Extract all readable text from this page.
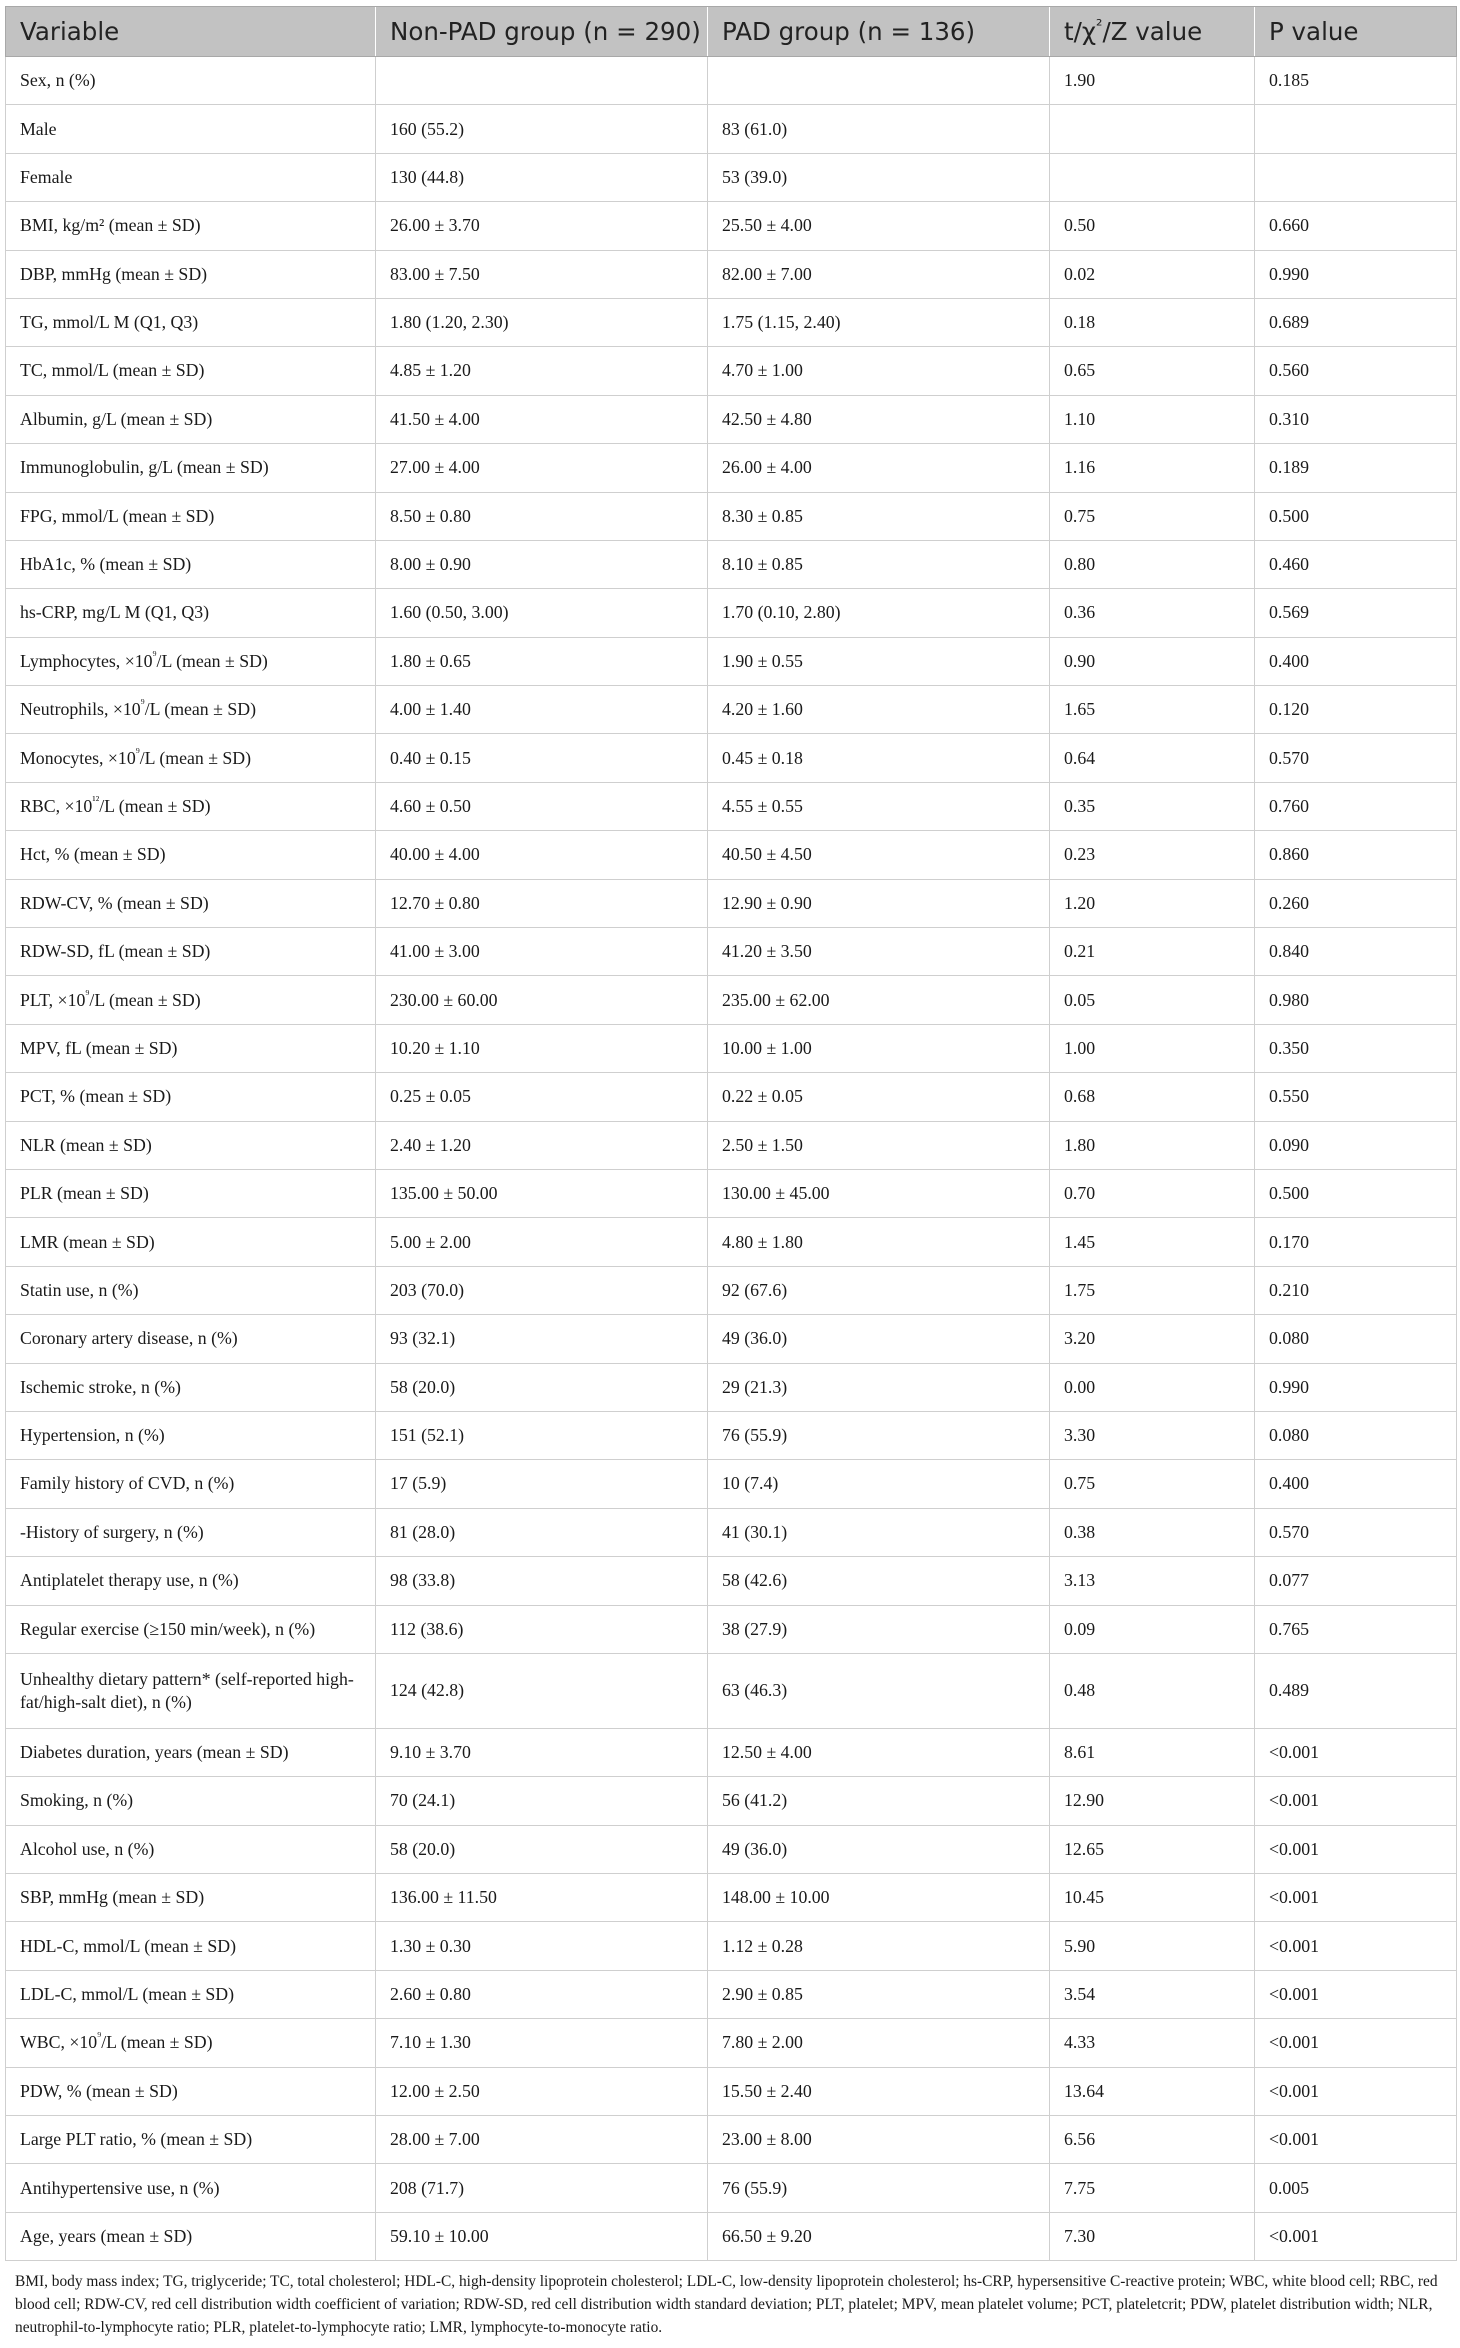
Variable	Non-PAD group (n = 290)	PAD group (n = 136)	$t/\chi^{^2}/Z$ value	P value
Sex, n (%)			1.90	0.185
Male	160 (55.2)	83 (61.0)		
Female	130 (44.8)	53 (39.0)		
BMI, kg/m² (mean ± SD)	26.00 ± 3.70	25.50 ± 4.00	0.50	0.660
DBP, mmHg (mean ± SD)	83.00 ± 7.50	82.00 ± 7.00	0.02	0.990
TG, mmol/L M (Q1, Q3)	1.80 (1.20, 2.30)	1.75 (1.15, 2.40)	0.18	0.689
TC, mmol/L (mean ± SD)	4.85 ± 1.20	4.70 ± 1.00	0.65	0.560
Albumin, g/L (mean ± SD)	41.50 ± 4.00	42.50 ± 4.80	1.10	0.310
Immunoglobulin, g/L (mean ± SD)	27.00 ± 4.00	26.00 ± 4.00	1.16	0.189
FPG, mmol/L (mean ± SD)	8.50 ± 0.80	8.30 ± 0.85	0.75	0.500
HbA1c, % (mean ± SD)	8.00 ± 0.90	8.10 ± 0.85	0.80	0.460
hs-CRP, mg/L M (Q1, Q3)	1.60 (0.50, 3.00)	1.70 (0.10, 2.80)	0.36	0.569
Lymphocytes, $\times 10^{^9}/L$ (mean ± SD)	1.80 ± 0.65	1.90 ± 0.55	0.90	0.400
Neutrophils, $\times 10^{^9}/L$ (mean ± SD)	4.00 ± 1.40	4.20 ± 1.60	1.65	0.120
Monocytes, $\times 10^{^9}/L$ (mean ± SD)	0.40 ± 0.15	0.45 ± 0.18	0.64	0.570
RBC, $\times 10^{^{12}}/L$ (mean ± SD)	4.60 ± 0.50	4.55 ± 0.55	0.35	0.760
Hct, % (mean ± SD)	40.00 ± 4.00	40.50 ± 4.50	0.23	0.860
RDW-CV, % (mean ± SD)	12.70 ± 0.80	12.90 ± 0.90	1.20	0.260
RDW-SD, fL (mean ± SD)	41.00 ± 3.00	41.20 ± 3.50	0.21	0.840
PLT, $\times 10^{^9}/L$ (mean ± SD)	230.00 ± 60.00	235.00 ± 62.00	0.05	0.980
MPV, fL (mean ± SD)	10.20 ± 1.10	10.00 ± 1.00	1.00	0.350
PCT, % (mean ± SD)	0.25 ± 0.05	0.22 ± 0.05	0.68	0.550
NLR (mean ± SD)	2.40 ± 1.20	2.50 ± 1.50	1.80	0.090
PLR (mean ± SD)	135.00 ± 50.00	130.00 ± 45.00	0.70	0.500
LMR (mean ± SD)	5.00 ± 2.00	4.80 ± 1.80	1.45	0.170
Statin use, n (%)	203 (70.0)	92 (67.6)	1.75	0.210
Coronary artery disease, n (%)	93 (32.1)	49 (36.0)	3.20	0.080
Ischemic stroke, n (%)	58 (20.0)	29 (21.3)	0.00	0.990
Hypertension, n (%)	151 (52.1)	76 (55.9)	3.30	0.080
Family history of CVD, n (%)	17 (5.9)	10 (7.4)	0.75	0.400
-History of surgery, n (%)	81 (28.0)	41 (30.1)	0.38	0.570
Antiplatelet therapy use, n (%)	98 (33.8)	58 (42.6)	3.13	0.077
Regular exercise (≥150 min/week), n (%)	112 (38.6)	38 (27.9)	0.09	0.765
Unhealthy dietary pattern* (self-reported high-fat/high-salt diet), n (%)	124 (42.8)	63 (46.3)	0.48	0.489
Diabetes duration, years (mean ± SD)	9.10 ± 3.70	12.50 ± 4.00	8.61	<0.001
Smoking, n (%)	70 (24.1)	56 (41.2)	12.90	<0.001
Alcohol use, n (%)	58 (20.0)	49 (36.0)	12.65	<0.001
SBP, mmHg (mean ± SD)	136.00 ± 11.50	148.00 ± 10.00	10.45	<0.001
HDL-C, mmol/L (mean ± SD)	1.30 ± 0.30	1.12 ± 0.28	5.90	<0.001
LDL-C, mmol/L (mean ± SD)	2.60 ± 0.80	2.90 ± 0.85	3.54	<0.001
WBC, $\times 10^{^9}/L$ (mean ± SD)	7.10 ± 1.30	7.80 ± 2.00	4.33	<0.001
PDW, % (mean ± SD)	12.00 ± 2.50	15.50 ± 2.40	13.64	<0.001
Large PLT ratio, % (mean ± SD)	28.00 ± 7.00	23.00 ± 8.00	6.56	<0.001
Antihypertensive use, n (%)	208 (71.7)	76 (55.9)	7.75	0.005
Age, years (mean ± SD)	59.10 ± 10.00	66.50 ± 9.20	7.30	<0.001
BMI, body mass index; TG, triglyceride; TC, total cholesterol; HDL-C, high-density lipoprotein cholesterol; LDL-C, low-density lipoprotein cholesterol; hs-CRP, hypersensitive C-reactive protein; WBC, white blood cell; RBC, red blood cell; RDW-CV, red cell distribution width coefficient of variation; RDW-SD, red cell distribution width standard deviation; PLT, platelet; MPV, mean platelet volume; PCT, plateletcrit; PDW, platelet distribution width; NLR, neutrophil-to-lymphocyte ratio; PLR, platelet-to-lymphocyte ratio; LMR, lymphocyte-to-monocyte ratio.
